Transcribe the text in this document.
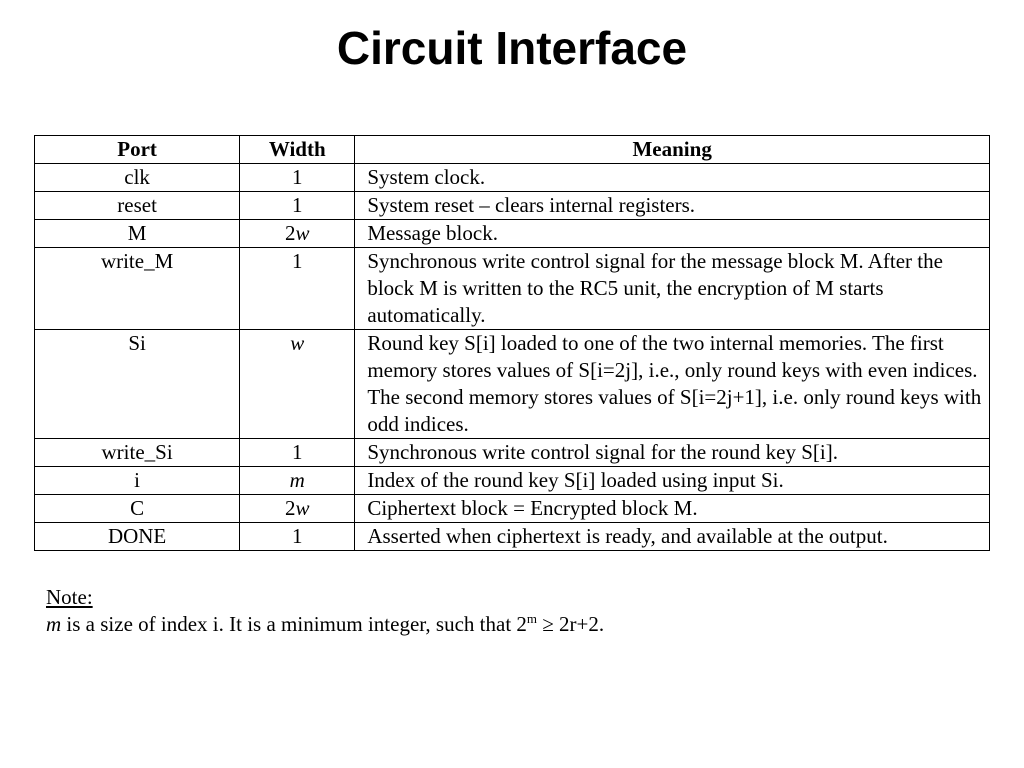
Circuit Interface
Port	Width	Meaning
clk	1	System clock.
reset	1	System reset – clears internal registers.
M	2w	Message block.
write_M	1	Synchronous write control signal for the message block M. After the block M is written to the RC5 unit, the encryption of M starts automatically.
Si	w	Round key S[i] loaded to one of the two internal memories. The first memory stores values of S[i=2j], i.e., only round keys with even indices. The second memory stores values of S[i=2j+1], i.e. only round keys with odd indices.
write_Si	1	Synchronous write control signal for the round key S[i].
i	m	Index of the round key S[i] loaded using input Si.
C	2w	Ciphertext block = Encrypted block M.
DONE	1	Asserted when ciphertext is ready, and available at the output.
Note:
m is a size of index i. It is a minimum integer, such that $2^m \ge 2r+2$.
